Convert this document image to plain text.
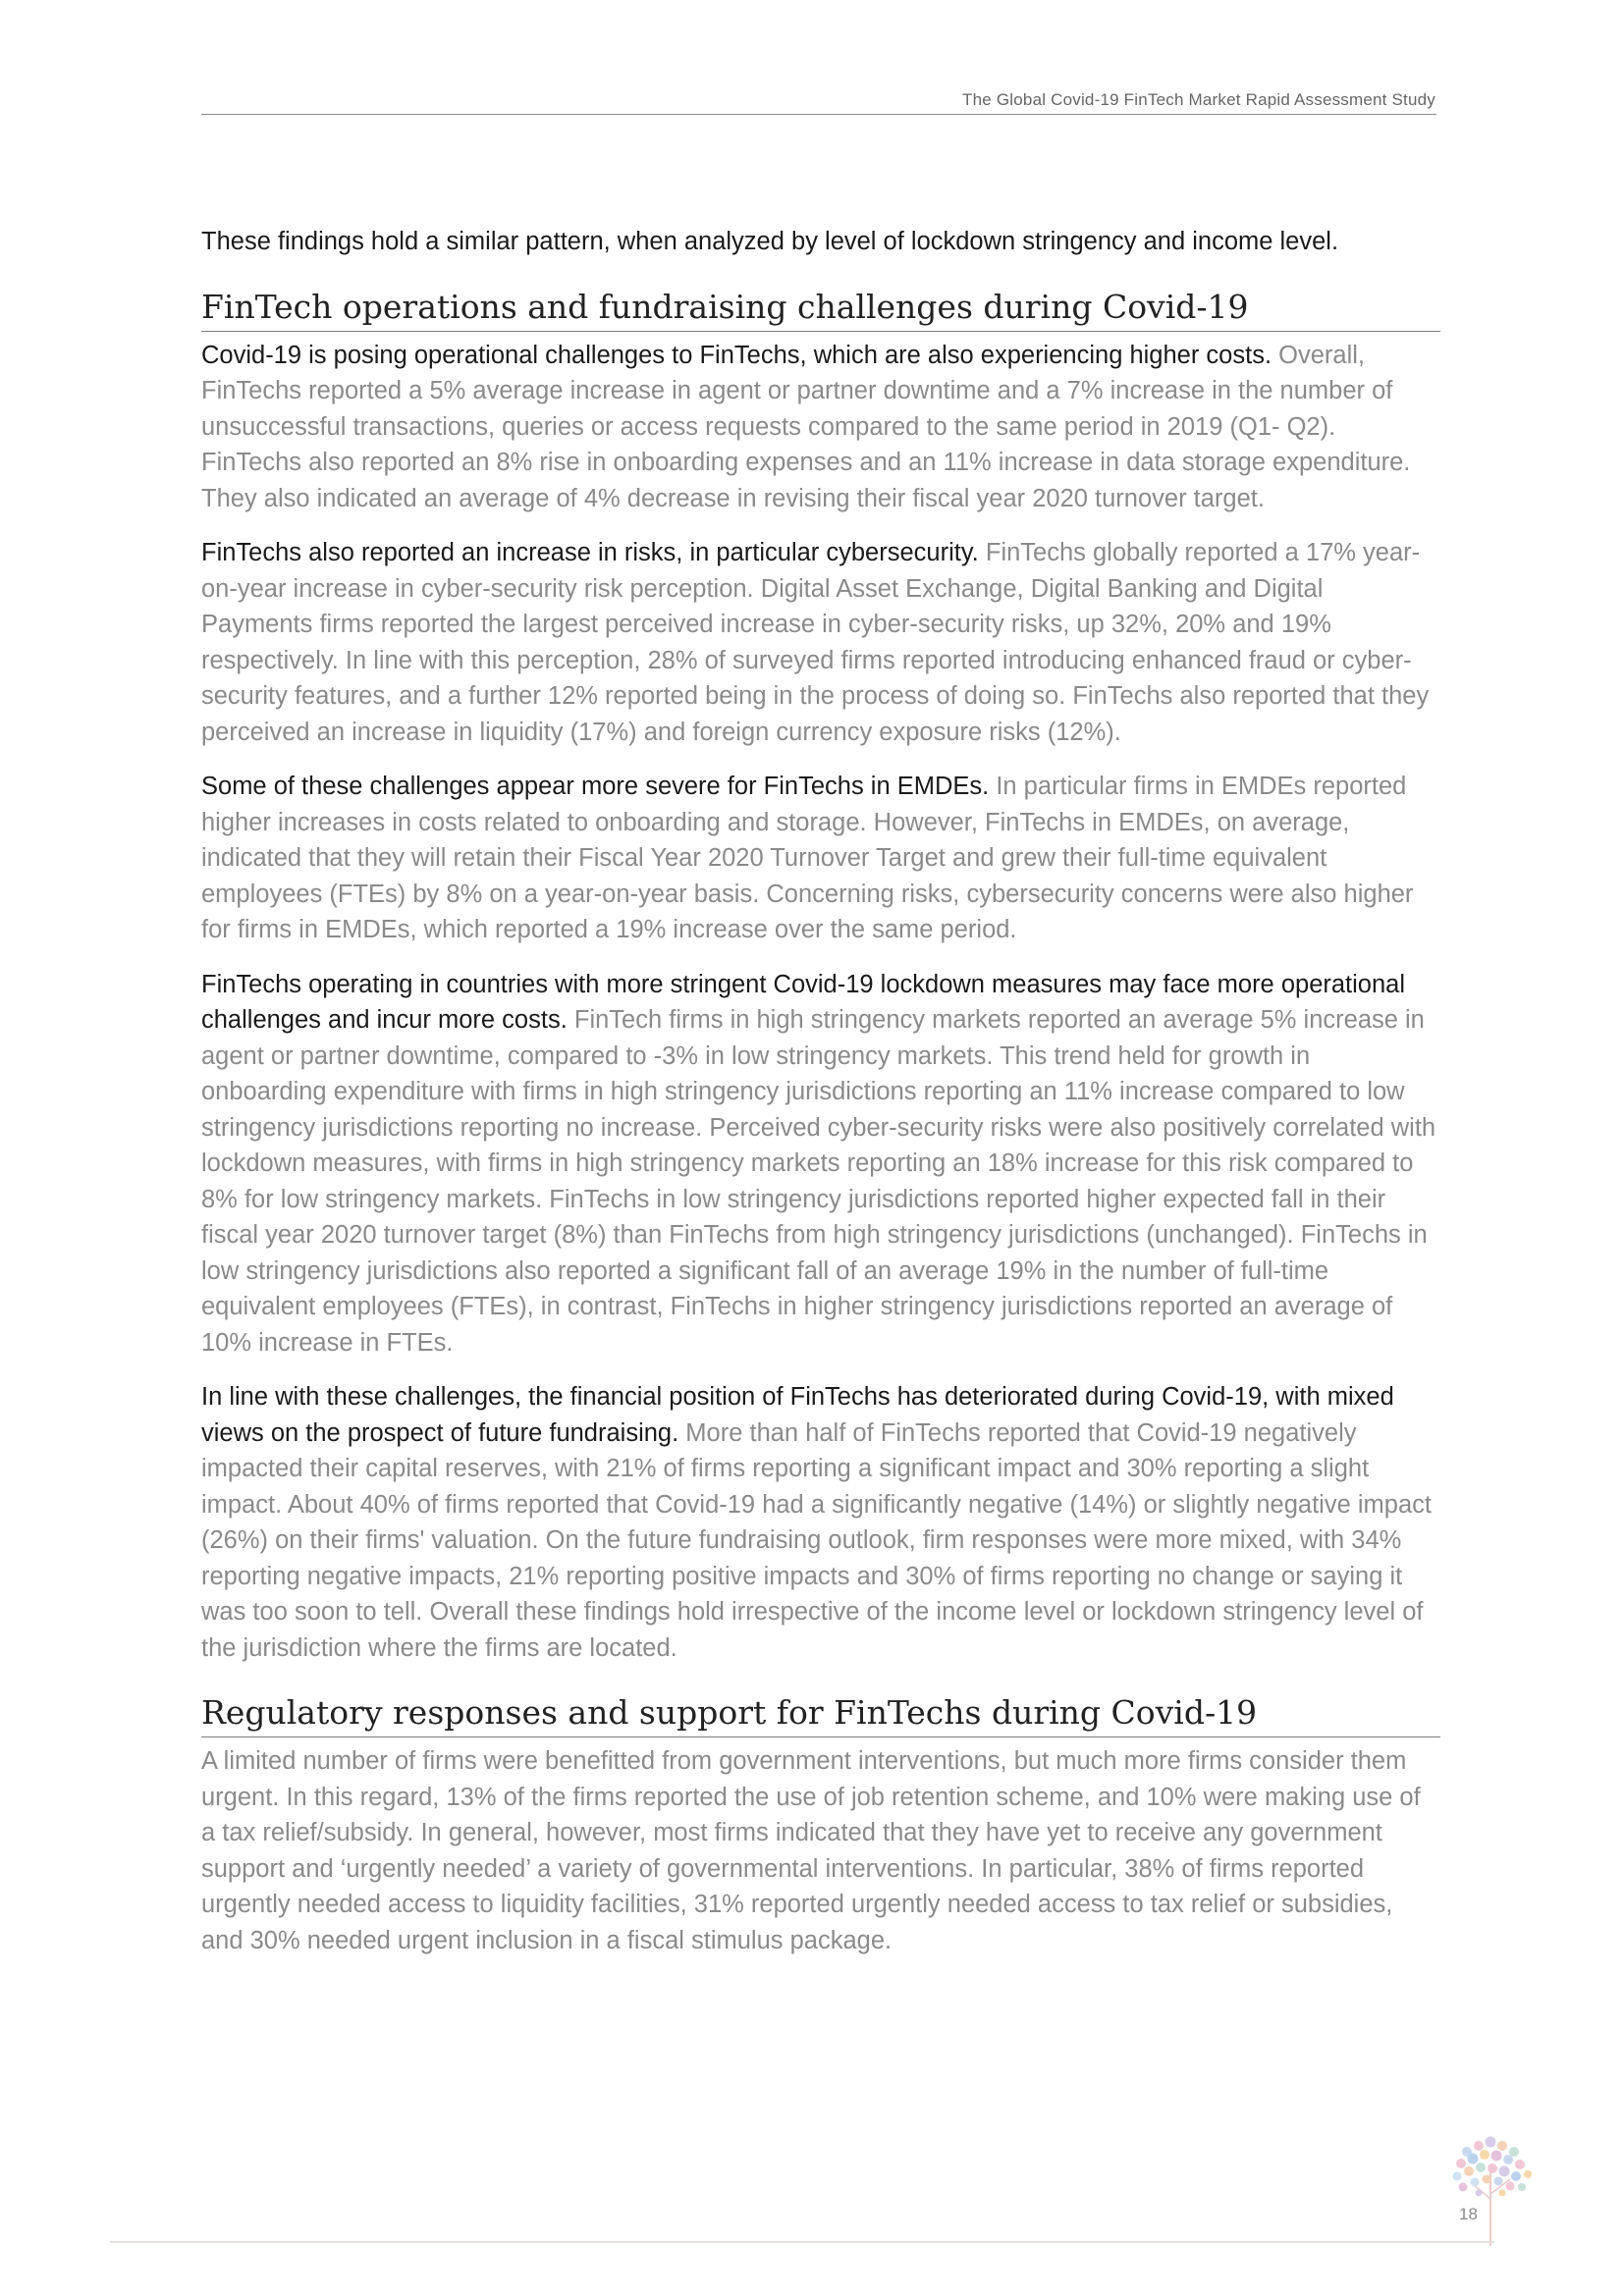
The Global Covid-19 FinTech Market Rapid Assessment Study

These findings hold a similar pattern, when analyzed by level of lockdown stringency and income level.

FinTech operations and fundraising challenges during Covid-19

Covid-19 is posing operational challenges to FinTechs, which are also experiencing higher costs. Overall, FinTechs reported a 5% average increase in agent or partner downtime and a 7% increase in the number of unsuccessful transactions, queries or access requests compared to the same period in 2019 (Q1- Q2). FinTechs also reported an 8% rise in onboarding expenses and an 11% increase in data storage expenditure. They also indicated an average of 4% decrease in revising their fiscal year 2020 turnover target.

FinTechs also reported an increase in risks, in particular cybersecurity. FinTechs globally reported a 17% year-on-year increase in cyber-security risk perception. Digital Asset Exchange, Digital Banking and Digital Payments firms reported the largest perceived increase in cyber-security risks, up 32%, 20% and 19% respectively. In line with this perception, 28% of surveyed firms reported introducing enhanced fraud or cyber-security features, and a further 12% reported being in the process of doing so. FinTechs also reported that they perceived an increase in liquidity (17%) and foreign currency exposure risks (12%).

Some of these challenges appear more severe for FinTechs in EMDEs. In particular firms in EMDEs reported higher increases in costs related to onboarding and storage. However, FinTechs in EMDEs, on average, indicated that they will retain their Fiscal Year 2020 Turnover Target and grew their full-time equivalent employees (FTEs) by 8% on a year-on-year basis. Concerning risks, cybersecurity concerns were also higher for firms in EMDEs, which reported a 19% increase over the same period.

FinTechs operating in countries with more stringent Covid-19 lockdown measures may face more operational challenges and incur more costs. FinTech firms in high stringency markets reported an average 5% increase in agent or partner downtime, compared to -3% in low stringency markets. This trend held for growth in onboarding expenditure with firms in high stringency jurisdictions reporting an 11% increase compared to low stringency jurisdictions reporting no increase. Perceived cyber-security risks were also positively correlated with lockdown measures, with firms in high stringency markets reporting an 18% increase for this risk compared to 8% for low stringency markets. FinTechs in low stringency jurisdictions reported higher expected fall in their fiscal year 2020 turnover target (8%) than FinTechs from high stringency jurisdictions (unchanged). FinTechs in low stringency jurisdictions also reported a significant fall of an average 19% in the number of full-time equivalent employees (FTEs), in contrast, FinTechs in higher stringency jurisdictions reported an average of 10% increase in FTEs.

In line with these challenges, the financial position of FinTechs has deteriorated during Covid-19, with mixed views on the prospect of future fundraising. More than half of FinTechs reported that Covid-19 negatively impacted their capital reserves, with 21% of firms reporting a significant impact and 30% reporting a slight impact. About 40% of firms reported that Covid-19 had a significantly negative (14%) or slightly negative impact (26%) on their firms' valuation. On the future fundraising outlook, firm responses were more mixed, with 34% reporting negative impacts, 21% reporting positive impacts and 30% of firms reporting no change or saying it was too soon to tell. Overall these findings hold irrespective of the income level or lockdown stringency level of the jurisdiction where the firms are located.

Regulatory responses and support for FinTechs during Covid-19

A limited number of firms were benefitted from government interventions, but much more firms consider them urgent. In this regard, 13% of the firms reported the use of job retention scheme, and 10% were making use of a tax relief/subsidy. In general, however, most firms indicated that they have yet to receive any government support and ‘urgently needed’ a variety of governmental interventions. In particular, 38% of firms reported urgently needed access to liquidity facilities, 31% reported urgently needed access to tax relief or subsidies, and 30% needed urgent inclusion in a fiscal stimulus package.

18
